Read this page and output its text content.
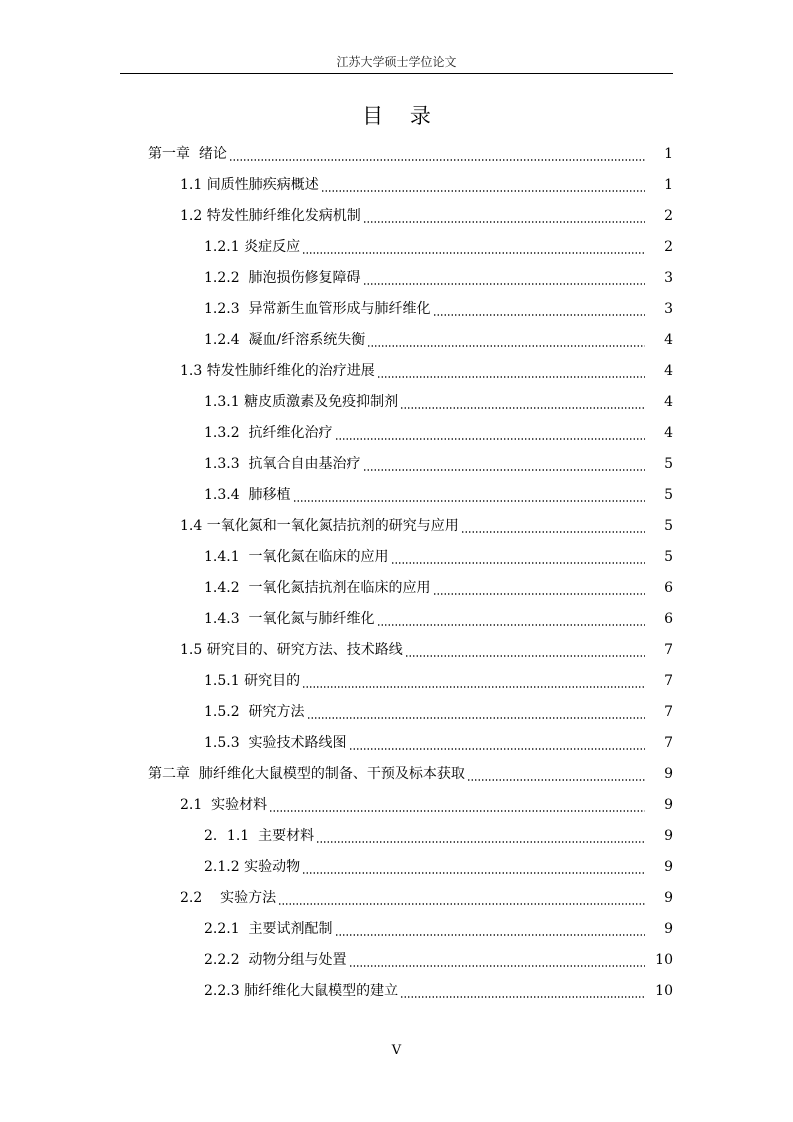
江苏大学硕士学位论文
目 录
第一章  绪论	1
1.1 间质性肺疾病概述	1
1.2 特发性肺纤维化发病机制	2
1.2.1 炎症反应	2
1.2.2  肺泡损伤修复障碍	3
1.2.3  异常新生血管形成与肺纤维化	3
1.2.4  凝血/纤溶系统失衡	4
1.3 特发性肺纤维化的治疗进展	4
1.3.1 糖皮质激素及免疫抑制剂	4
1.3.2  抗纤维化治疗	4
1.3.3  抗氧合自由基治疗	5
1.3.4  肺移植	5
1.4 一氧化氮和一氧化氮拮抗剂的研究与应用	5
1.4.1  一氧化氮在临床的应用	5
1.4.2  一氧化氮拮抗剂在临床的应用	6
1.4.3  一氧化氮与肺纤维化	6
1.5 研究目的、研究方法、技术路线	7
1.5.1 研究目的	7
1.5.2  研究方法	7
1.5.3  实验技术路线图	7
第二章  肺纤维化大鼠模型的制备、干预及标本获取	9
2.1  实验材料	9
2．1.1  主要材料	9
2.1.2 实验动物	9
2.2    实验方法	9
2.2.1  主要试剂配制	9
2.2.2  动物分组与处置	10
2.2.3 肺纤维化大鼠模型的建立	10
V
